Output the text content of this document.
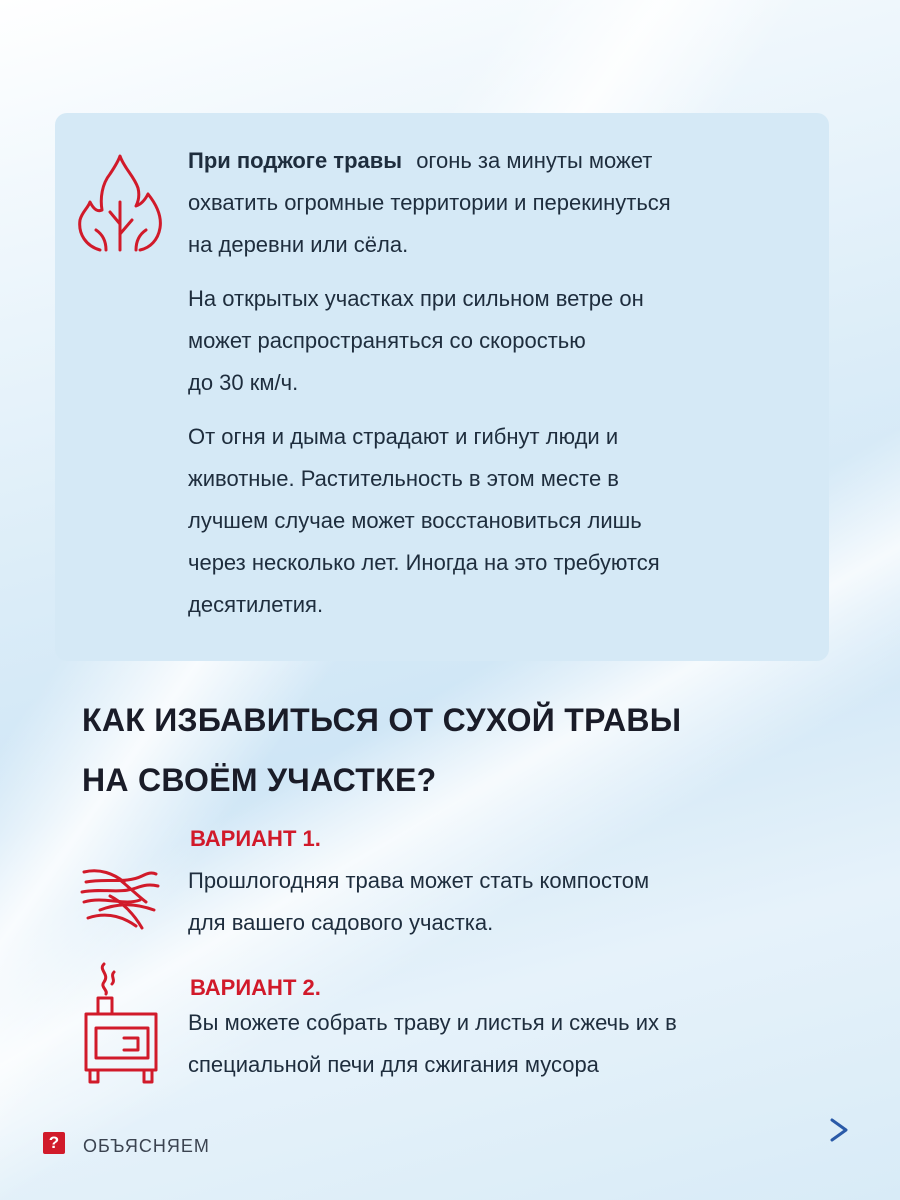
При поджоге травы огонь за минуты может
охватить огромные территории и перекинуться
на деревни или сёла.

На открытых участках при сильном ветре он
может распространяться со скоростью
до 30 км/ч.

От огня и дыма страдают и гибнут люди и
животные. Растительность в этом месте в
лучшем случае может восстановиться лишь
через несколько лет. Иногда на это требуются
десятилетия.

КАК ИЗБАВИТЬСЯ ОТ СУХОЙ ТРАВЫ
НА СВОЁМ УЧАСТКЕ?
ВАРИАНТ 1.
Прошлогодняя трава может стать компостом
для вашего садового участка.
ВАРИАНТ 2.
Вы можете собрать траву и листья и сжечь их в
специальной печи для сжигания мусора
?	ОБЪЯСНЯЕМ
